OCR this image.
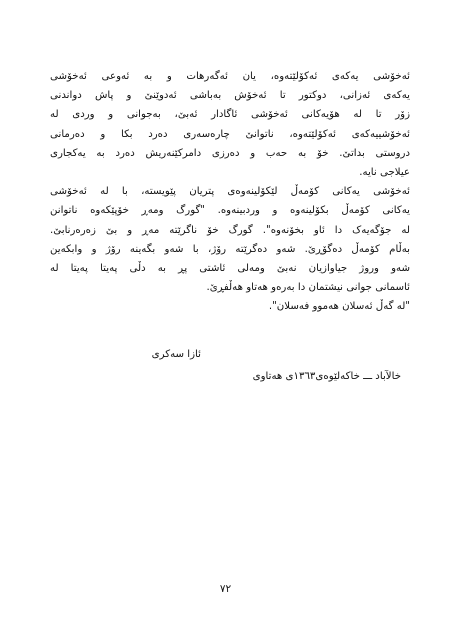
ئەخۆشی یەکەی ئەکۆلێتەوە، یان ئەگەرهات و بە ئەوعی ئەخۆشی
یەکەی ئەزانی، دوکتور تا ئەخۆش بەباشی ئەدوێنێ و پاش دواندنی
زۆر تا لە هۆیەکانی ئەخۆشی ئاگادار ئەبێ، بەجوانی و وردی لە
ئەخۆشییەکەی ئەکۆلێتەوە، ناتوانێ چارەسەری دەرد بکا و دەرمانی
دروستی بداتێ. خۆ بە حەب و دەرزی دامرکێنەریش دەرد بە یەکجاری
عیلاجی نایە.
ئەخۆشی یەکانی کۆمەڵ لێکۆلینەوەی پتریان پێویستە، با لە ئەخۆشی
یەکانی کۆمەڵ بکۆلینەوە و وردبینەوە. "گورگ ومەڕ خۆپێکەوە ناتوانن
لە جۆگەیەک دا ئاو بخۆنەوە". گورگ خۆ ناگرێتە مەڕ و بێ زەرەرنابێ.
بەڵام کۆمەڵ دەگۆڕێ. شەو دەگرێتە رۆژ، با شەو بگەینە رۆژ و وابکەین
شەو وروژ جیاوازیان نەبێ ومەلی ئاشتی پڕ بە دڵی پەیتا پەیتا لە
ئاسمانی جوانی نیشتمان دا بەرەو هەتاو هەڵفڕێ.
"لە گەڵ ئەسلان هەموو فەسلان".
ئازا سەکری
خالآباد ـــ خاکەلێوەی١٣٦٣ی هەتاوی
٧٢
